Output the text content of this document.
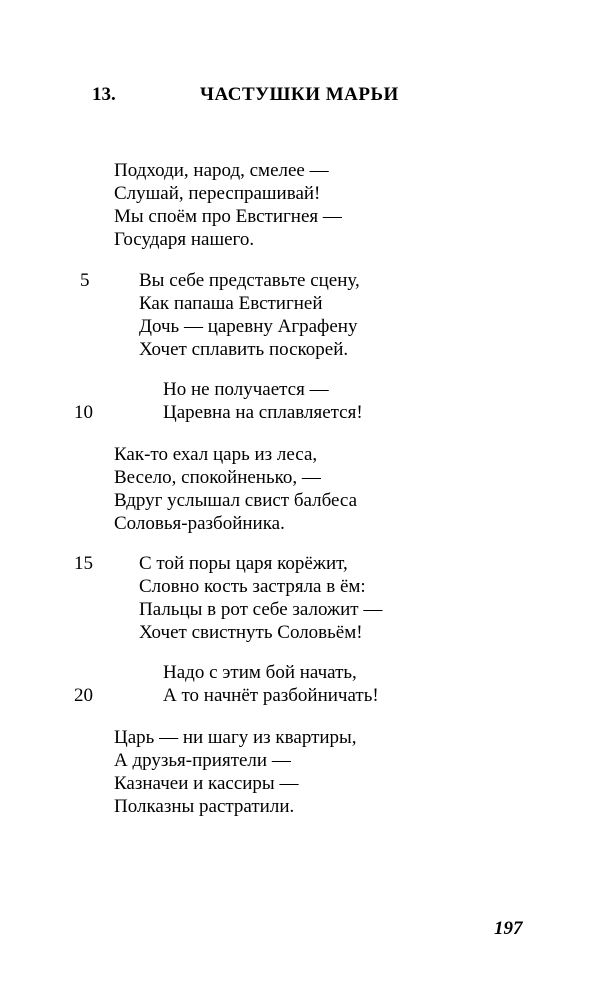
13.	ЧАСТУШКИ МАРЬИ
Подходи, народ, смелее —
Слушай, переспрашивай!
Мы споём про Евстигнея —
Государя нашего.
5	Вы себе представьте сцену,
Как папаша Евстигней
Дочь — царевну Аграфену
Хочет сплавить поскорей.
Но не получается —
Царевна на сплавляется!
10
Как-то ехал царь из леса,
Весело, спокойненько, —
Вдруг услышал свист балбеса
Соловья-разбойника.
15 С той поры царя корёжит,
Словно кость застряла в ём:
Пальцы в рот себе заложит —
Хочет свистнуть Соловьём!
Надо с этим бой начать,
А то начнёт разбойничать!
20
Царь — ни шагу из квартиры,
А друзья-приятели —
Казначеи и кассиры —
Полказны растратили.
197
